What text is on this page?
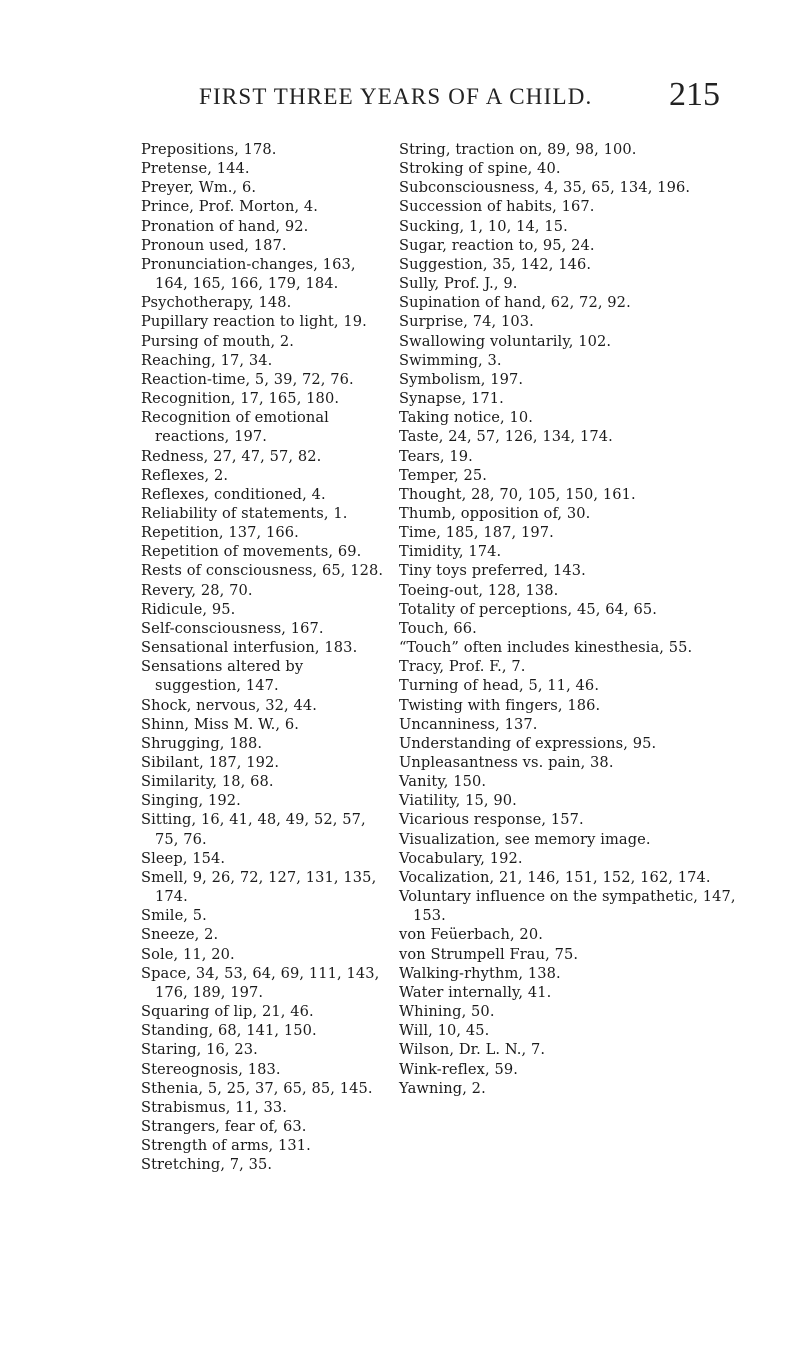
FIRST THREE YEARS OF A CHILD. 215
Prepositions, 178.
Pretense, 144.
Preyer, Wm., 6.
Prince, Prof. Morton, 4.
Pronation of hand, 92.
Pronoun used, 187.
Pronunciation-changes, 163, 164, 165, 166, 179, 184.
Psychotherapy, 148.
Pupillary reaction to light, 19.
Pursing of mouth, 2.
Reaching, 17, 34.
Reaction-time, 5, 39, 72, 76.
Recognition, 17, 165, 180.
Recognition of emotional reactions, 197.
Redness, 27, 47, 57, 82.
Reflexes, 2.
Reflexes, conditioned, 4.
Reliability of statements, 1.
Repetition, 137, 166.
Repetition of movements, 69.
Rests of consciousness, 65, 128.
Revery, 28, 70.
Ridicule, 95.
Self-consciousness, 167.
Sensational interfusion, 183.
Sensations altered by suggestion, 147.
Shock, nervous, 32, 44.
Shinn, Miss M. W., 6.
Shrugging, 188.
Sibilant, 187, 192.
Similarity, 18, 68.
Singing, 192.
Sitting, 16, 41, 48, 49, 52, 57, 75, 76.
Sleep, 154.
Smell, 9, 26, 72, 127, 131, 135, 174.
Smile, 5.
Sneeze, 2.
Sole, 11, 20.
Space, 34, 53, 64, 69, 111, 143, 176, 189, 197.
Squaring of lip, 21, 46.
Standing, 68, 141, 150.
Staring, 16, 23.
Stereognosis, 183.
Sthenia, 5, 25, 37, 65, 85, 145.
Strabismus, 11, 33.
Strangers, fear of, 63.
Strength of arms, 131.
Stretching, 7, 35.
String, traction on, 89, 98, 100.
Stroking of spine, 40.
Subconsciousness, 4, 35, 65, 134, 196.
Succession of habits, 167.
Sucking, 1, 10, 14, 15.
Sugar, reaction to, 95, 24.
Suggestion, 35, 142, 146.
Sully, Prof. J., 9.
Supination of hand, 62, 72, 92.
Surprise, 74, 103.
Swallowing voluntarily, 102.
Swimming, 3.
Symbolism, 197.
Synapse, 171.
Taking notice, 10.
Taste, 24, 57, 126, 134, 174.
Tears, 19.
Temper, 25.
Thought, 28, 70, 105, 150, 161.
Thumb, opposition of, 30.
Time, 185, 187, 197.
Timidity, 174.
Tiny toys preferred, 143.
Toeing-out, 128, 138.
Totality of perceptions, 45, 64, 65.
Touch, 66.
“Touch” often includes kinesthesia, 55.
Tracy, Prof. F., 7.
Turning of head, 5, 11, 46.
Twisting with fingers, 186.
Uncanniness, 137.
Understanding of expressions, 95.
Unpleasantness vs. pain, 38.
Vanity, 150.
Viatility, 15, 90.
Vicarious response, 157.
Visualization, see memory image.
Vocabulary, 192.
Vocalization, 21, 146, 151, 152, 162, 174.
Voluntary influence on the sympathetic, 147, 153.
von Feüerbach, 20.
von Strumpell Frau, 75.
Walking-rhythm, 138.
Water internally, 41.
Whining, 50.
Will, 10, 45.
Wilson, Dr. L. N., 7.
Wink-reflex, 59.
Yawning, 2.
